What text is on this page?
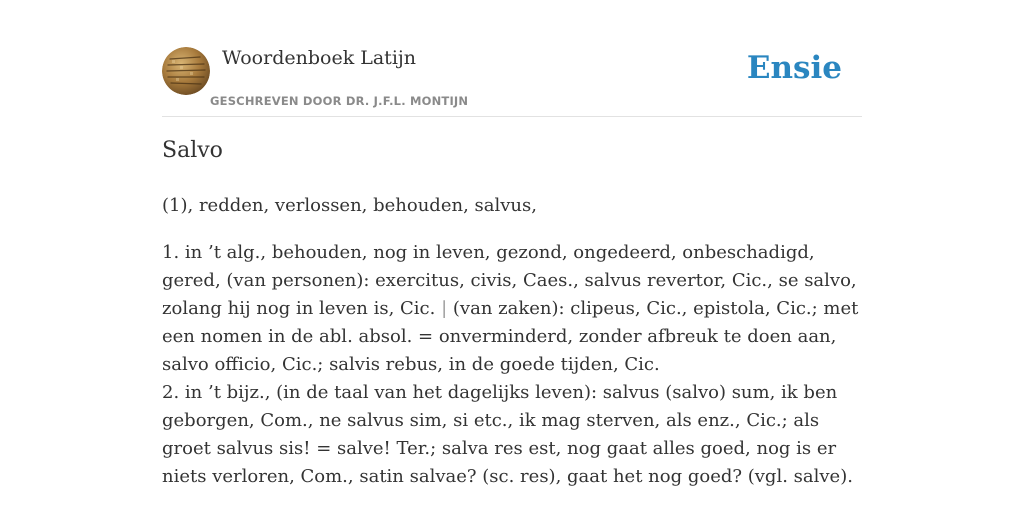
Woordenboek Latijn
GESCHREVEN DOOR DR. J.F.L. MONTIJN
Ensie
Salvo

(1), redden, verlossen, behouden, salvus,

1. in ’t alg., behouden, nog in leven, gezond, ongedeerd, onbeschadigd, gered, (van personen): exercitus, civis, Caes., salvus revertor, Cic., se salvo, zolang hij nog in leven is, Cic. | (van zaken): clipeus, Cic., epistola, Cic.; met een nomen in de abl. absol. = onverminderd, zonder afbreuk te doen aan, salvo officio, Cic.; salvis rebus, in de goede tijden, Cic.

2. in ’t bijz., (in de taal van het dagelijks leven): salvus (salvo) sum, ik ben geborgen, Com., ne salvus sim, si etc., ik mag sterven, als enz., Cic.; als groet salvus sis! = salve! Ter.; salva res est, nog gaat alles goed, nog is er niets verloren, Com., satin salvae? (sc. res), gaat het nog goed? (vgl. salve).
